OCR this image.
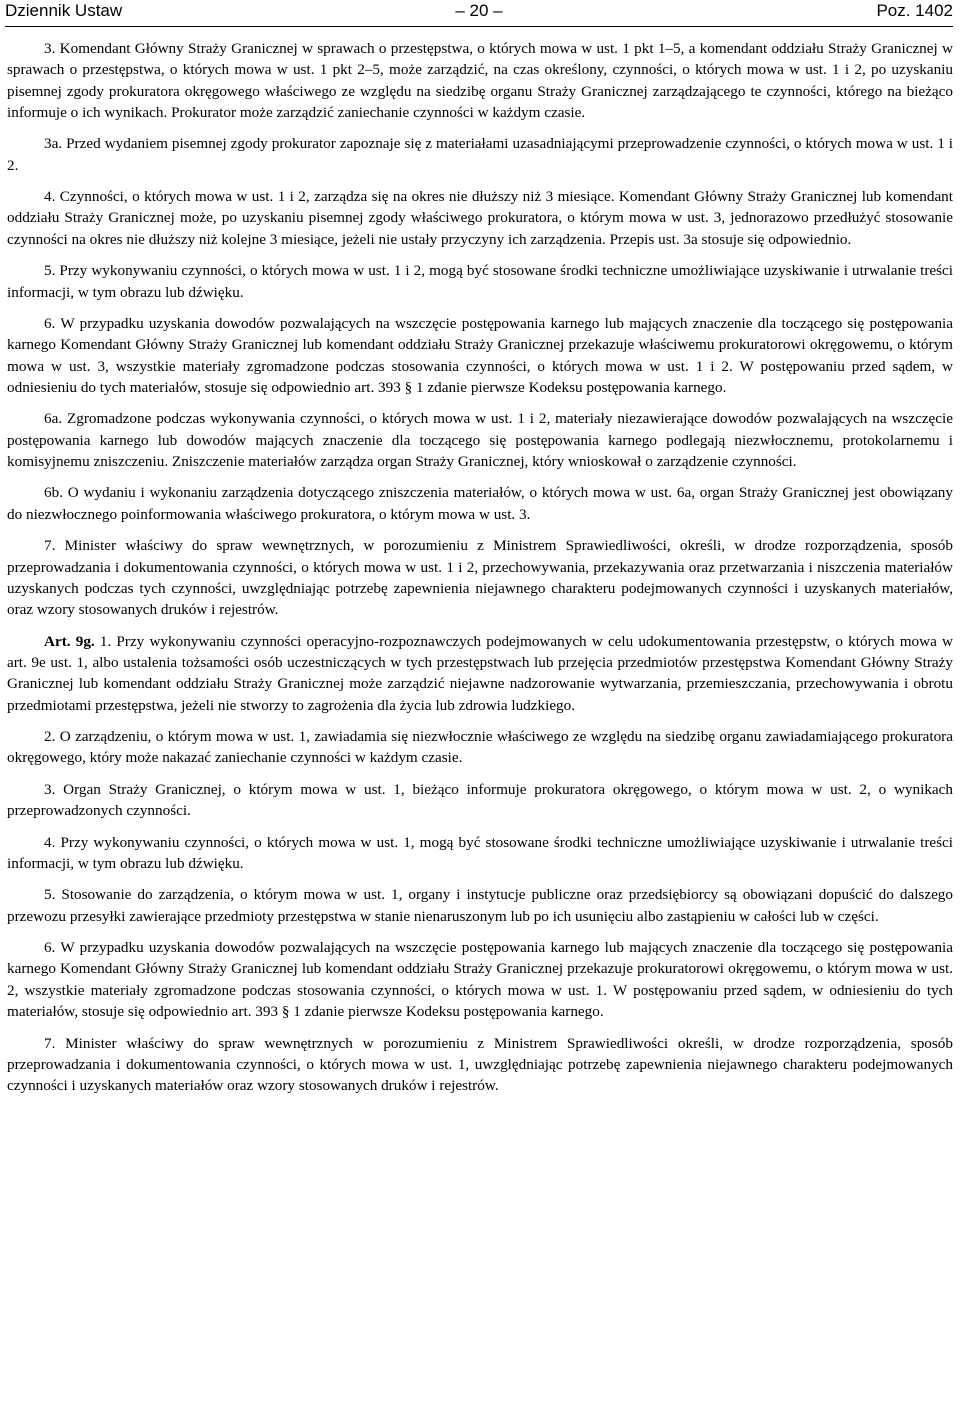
Dziennik Ustaw	– 20 –	Poz. 1402

3. Komendant Główny Straży Granicznej w sprawach o przestępstwa, o których mowa w ust. 1 pkt 1–5, a komendant oddziału Straży Granicznej w sprawach o przestępstwa, o których mowa w ust. 1 pkt 2–5, może zarządzić, na czas określony, czynności, o których mowa w ust. 1 i 2, po uzyskaniu pisemnej zgody prokuratora okręgowego właściwego ze względu na siedzibę organu Straży Granicznej zarządzającego te czynności, którego na bieżąco informuje o ich wynikach. Prokurator może zarządzić zaniechanie czynności w każdym czasie.

3a. Przed wydaniem pisemnej zgody prokurator zapoznaje się z materiałami uzasadniającymi przeprowadzenie czynności, o których mowa w ust. 1 i 2.

4. Czynności, o których mowa w ust. 1 i 2, zarządza się na okres nie dłuższy niż 3 miesiące. Komendant Główny Straży Granicznej lub komendant oddziału Straży Granicznej może, po uzyskaniu pisemnej zgody właściwego prokuratora, o którym mowa w ust. 3, jednorazowo przedłużyć stosowanie czynności na okres nie dłuższy niż kolejne 3 miesiące, jeżeli nie ustały przyczyny ich zarządzenia. Przepis ust. 3a stosuje się odpowiednio.

5. Przy wykonywaniu czynności, o których mowa w ust. 1 i 2, mogą być stosowane środki techniczne umożliwiające uzyskiwanie i utrwalanie treści informacji, w tym obrazu lub dźwięku.

6. W przypadku uzyskania dowodów pozwalających na wszczęcie postępowania karnego lub mających znaczenie dla toczącego się postępowania karnego Komendant Główny Straży Granicznej lub komendant oddziału Straży Granicznej przekazuje właściwemu prokuratorowi okręgowemu, o którym mowa w ust. 3, wszystkie materiały zgromadzone podczas stosowania czynności, o których mowa w ust. 1 i 2. W postępowaniu przed sądem, w odniesieniu do tych materiałów, stosuje się odpowiednio art. 393 § 1 zdanie pierwsze Kodeksu postępowania karnego.

6a. Zgromadzone podczas wykonywania czynności, o których mowa w ust. 1 i 2, materiały niezawierające dowodów pozwalających na wszczęcie postępowania karnego lub dowodów mających znaczenie dla toczącego się postępowania karnego podlegają niezwłocznemu, protokolarnemu i komisyjnemu zniszczeniu. Zniszczenie materiałów zarządza organ Straży Granicznej, który wnioskował o zarządzenie czynności.

6b. O wydaniu i wykonaniu zarządzenia dotyczącego zniszczenia materiałów, o których mowa w ust. 6a, organ Straży Granicznej jest obowiązany do niezwłocznego poinformowania właściwego prokuratora, o którym mowa w ust. 3.

7. Minister właściwy do spraw wewnętrznych, w porozumieniu z Ministrem Sprawiedliwości, określi, w drodze rozporządzenia, sposób przeprowadzania i dokumentowania czynności, o których mowa w ust. 1 i 2, przechowywania, przekazywania oraz przetwarzania i niszczenia materiałów uzyskanych podczas tych czynności, uwzględniając potrzebę zapewnienia niejawnego charakteru podejmowanych czynności i uzyskanych materiałów, oraz wzory stosowanych druków i rejestrów.

Art. 9g. 1. Przy wykonywaniu czynności operacyjno-rozpoznawczych podejmowanych w celu udokumentowania przestępstw, o których mowa w art. 9e ust. 1, albo ustalenia tożsamości osób uczestniczących w tych przestępstwach lub przejęcia przedmiotów przestępstwa Komendant Główny Straży Granicznej lub komendant oddziału Straży Granicznej może zarządzić niejawne nadzorowanie wytwarzania, przemieszczania, przechowywania i obrotu przedmiotami przestępstwa, jeżeli nie stworzy to zagrożenia dla życia lub zdrowia ludzkiego.

2. O zarządzeniu, o którym mowa w ust. 1, zawiadamia się niezwłocznie właściwego ze względu na siedzibę organu zawiadamiającego prokuratora okręgowego, który może nakazać zaniechanie czynności w każdym czasie.

3. Organ Straży Granicznej, o którym mowa w ust. 1, bieżąco informuje prokuratora okręgowego, o którym mowa w ust. 2, o wynikach przeprowadzonych czynności.

4. Przy wykonywaniu czynności, o których mowa w ust. 1, mogą być stosowane środki techniczne umożliwiające uzyskiwanie i utrwalanie treści informacji, w tym obrazu lub dźwięku.

5. Stosowanie do zarządzenia, o którym mowa w ust. 1, organy i instytucje publiczne oraz przedsiębiorcy są obowiązani dopuścić do dalszego przewozu przesyłki zawierające przedmioty przestępstwa w stanie nienaruszonym lub po ich usunięciu albo zastąpieniu w całości lub w części.

6. W przypadku uzyskania dowodów pozwalających na wszczęcie postępowania karnego lub mających znaczenie dla toczącego się postępowania karnego Komendant Główny Straży Granicznej lub komendant oddziału Straży Granicznej przekazuje prokuratorowi okręgowemu, o którym mowa w ust. 2, wszystkie materiały zgromadzone podczas stosowania czynności, o których mowa w ust. 1. W postępowaniu przed sądem, w odniesieniu do tych materiałów, stosuje się odpowiednio art. 393 § 1 zdanie pierwsze Kodeksu postępowania karnego.

7. Minister właściwy do spraw wewnętrznych w porozumieniu z Ministrem Sprawiedliwości określi, w drodze rozporządzenia, sposób przeprowadzania i dokumentowania czynności, o których mowa w ust. 1, uwzględniając potrzebę zapewnienia niejawnego charakteru podejmowanych czynności i uzyskanych materiałów oraz wzory stosowanych druków i rejestrów.
